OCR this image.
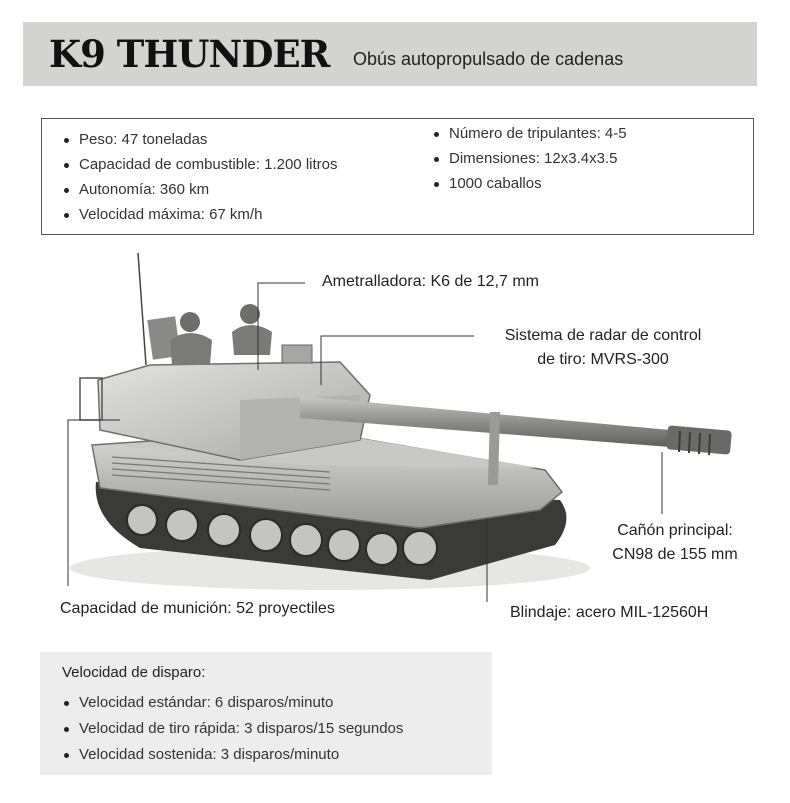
K9 THUNDER Obús autopropulsado de cadenas
Peso: 47 toneladas
Capacidad de combustible: 1.200 litros
Autonomía: 360 km
Velocidad máxima: 67 km/h
Número de tripulantes: 4-5
Dimensiones: 12x3.4x3.5
1000 caballos
Ametralladora: K6 de 12,7 mm
Sistema de radar de control
de tiro: MVRS-300
Cañón principal:
CN98 de 155 mm
Capacidad de munición: 52 proyectiles	Blindaje: acero MIL-12560H
Velocidad de disparo:
Velocidad estándar: 6 disparos/minuto
Velocidad de tiro rápida: 3 disparos/15 segundos
Velocidad sostenida: 3 disparos/minuto
